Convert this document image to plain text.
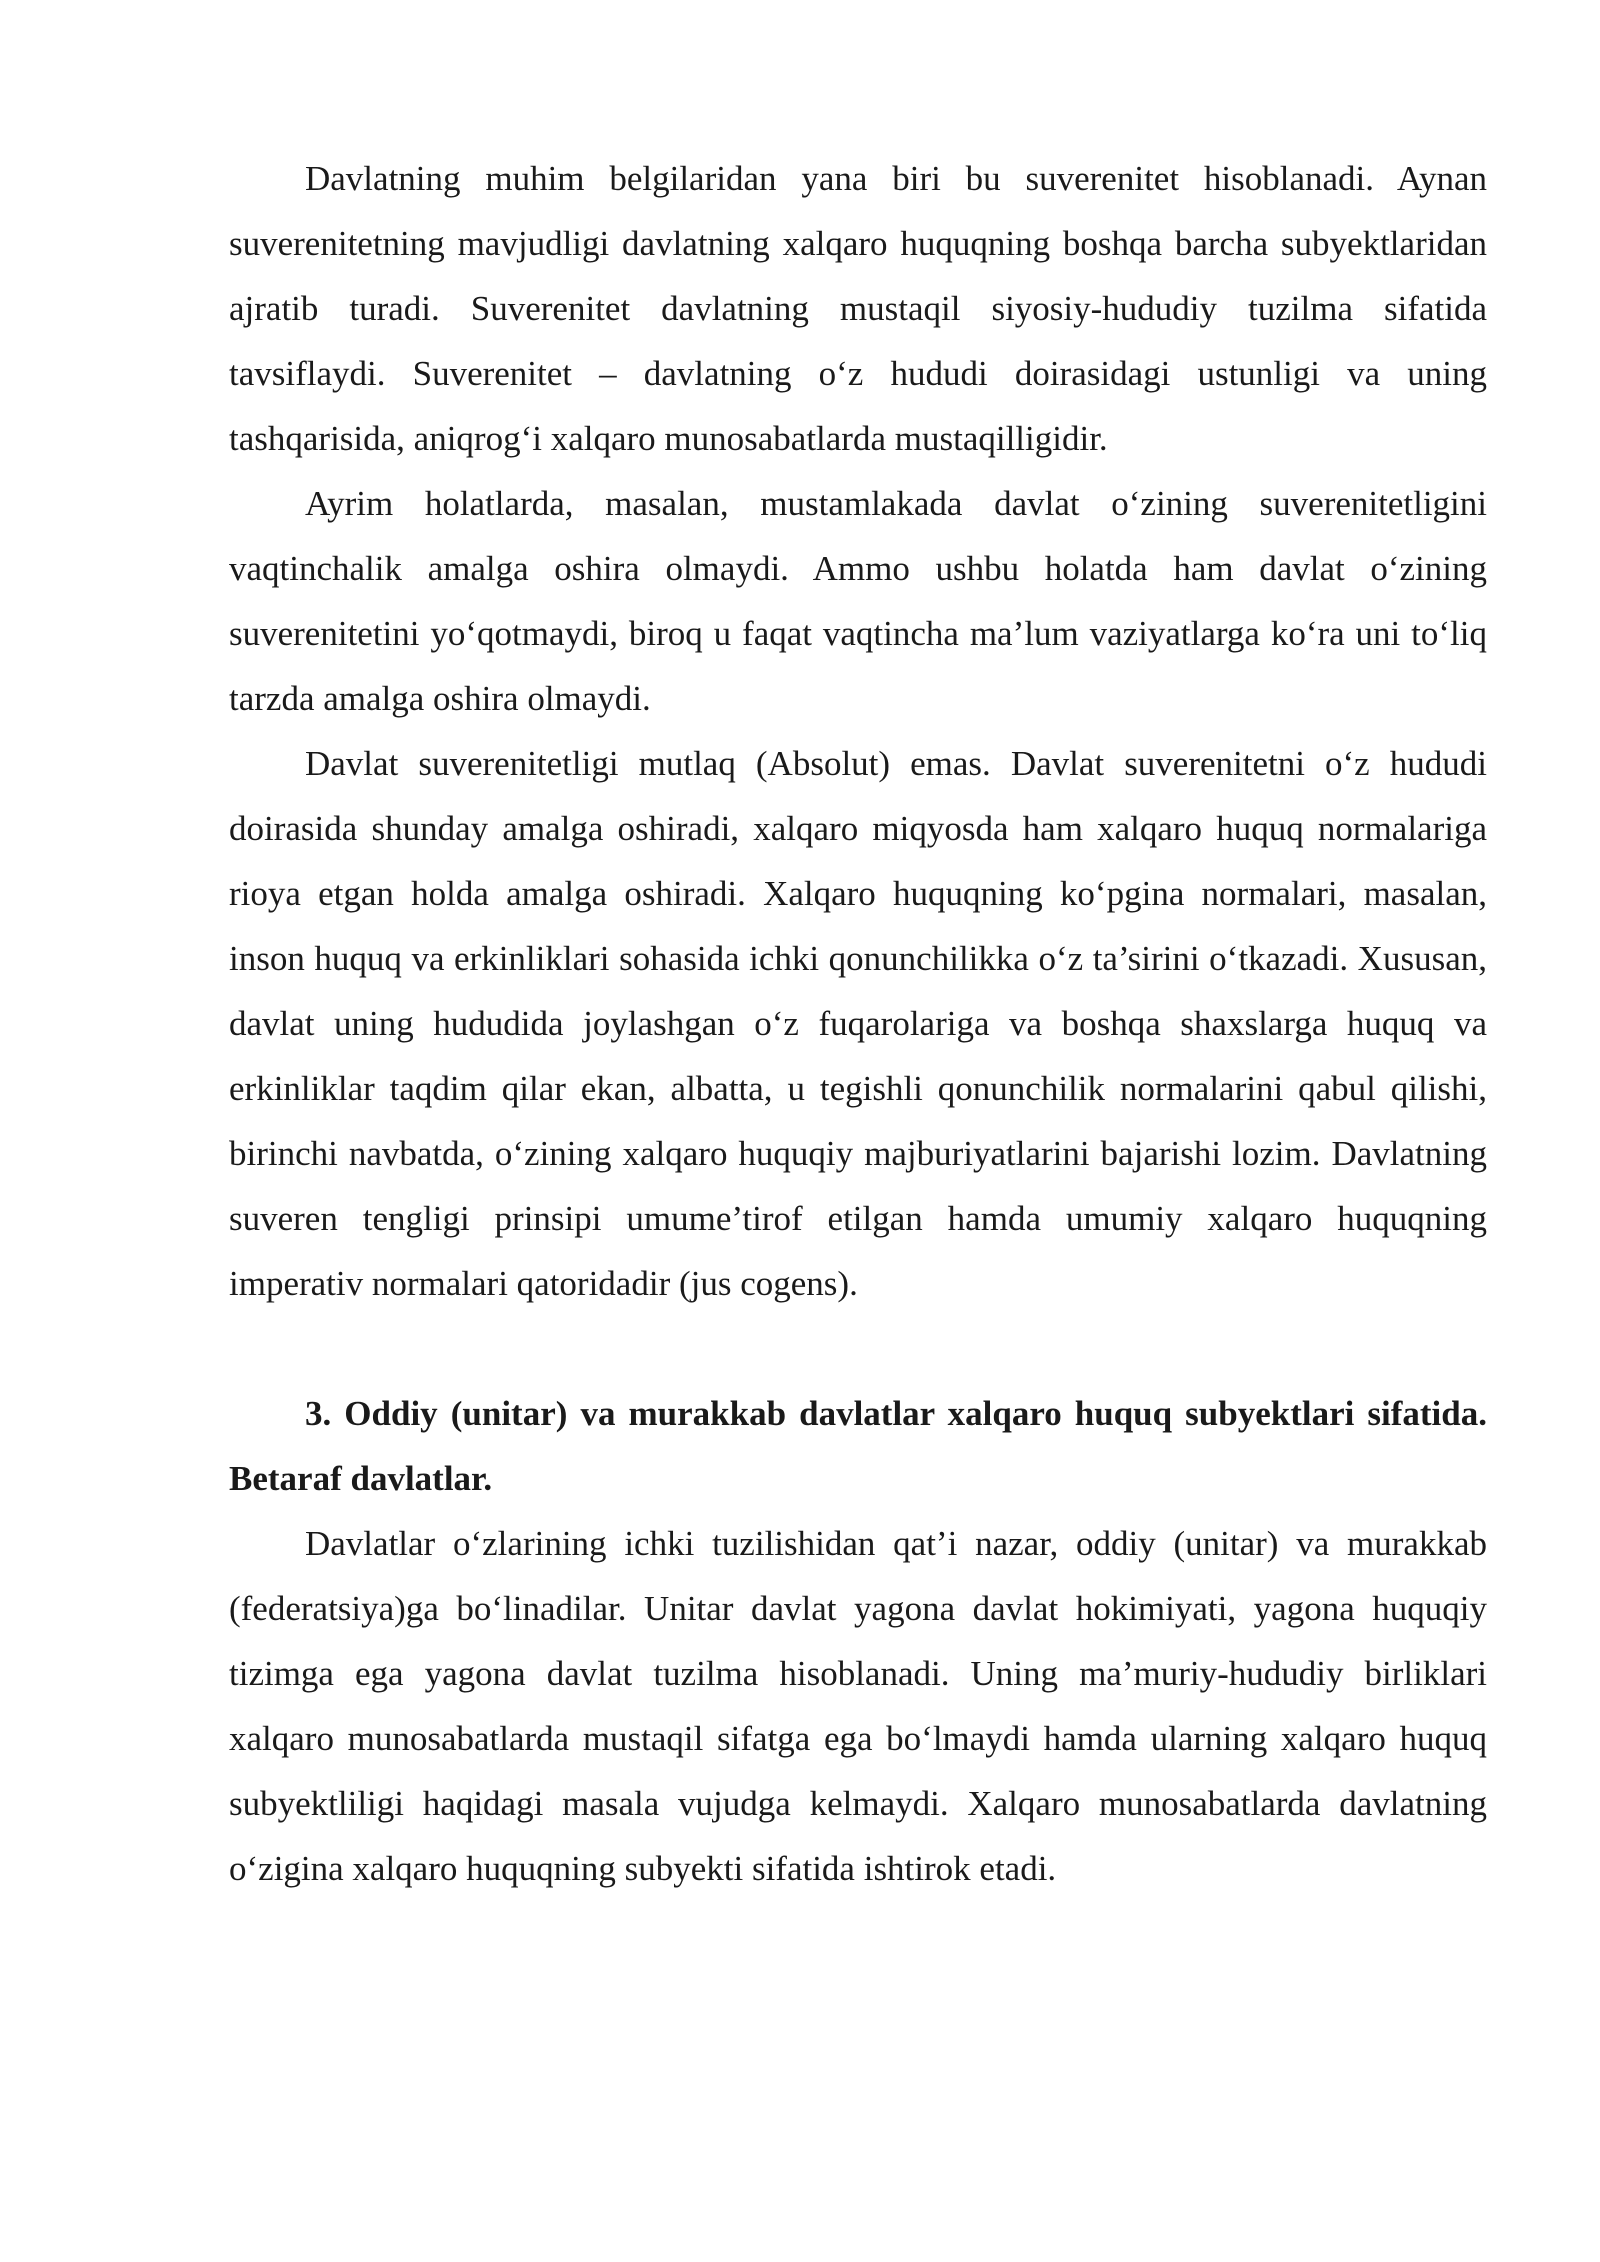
Davlatning muhim belgilaridan yana biri bu suverenitet hisoblanadi. Aynan suverenitetning mavjudligi davlatning xalqaro huquqning boshqa barcha subyektlaridan ajratib turadi. Suverenitet davlatning mustaqil siyosiy-hududiy tuzilma sifatida tavsiflaydi. Suverenitet – davlatning o‘z hududi doirasidagi ustunligi va uning tashqarisida, aniqrog‘i xalqaro munosabatlarda mustaqilligidir.

Ayrim holatlarda, masalan, mustamlakada davlat o‘zining suverenitetligini vaqtinchalik amalga oshira olmaydi. Ammo ushbu holatda ham davlat o‘zining suverenitetini yo‘qotmaydi, biroq u faqat vaqtincha ma’lum vaziyatlarga ko‘ra uni to‘liq tarzda amalga oshira olmaydi.

Davlat suverenitetligi mutlaq (Absolut) emas. Davlat suverenitetni o‘z hududi doirasida shunday amalga oshiradi, xalqaro miqyosda ham xalqaro huquq normalariga rioya etgan holda amalga oshiradi. Xalqaro huquqning ko‘pgina normalari, masalan, inson huquq va erkinliklari sohasida ichki qonunchilikka o‘z ta’sirini o‘tkazadi. Xususan, davlat uning hududida joylashgan o‘z fuqarolariga va boshqa shaxslarga huquq va erkinliklar taqdim qilar ekan, albatta, u tegishli qonunchilik normalarini qabul qilishi, birinchi navbatda, o‘zining xalqaro huquqiy majburiyatlarini bajarishi lozim. Davlatning suveren tengligi prinsipi umume’tirof etilgan hamda umumiy xalqaro huquqning imperativ normalari qatoridadir (jus cogens).

3. Oddiy (unitar) va murakkab davlatlar xalqaro huquq subyektlari sifatida. Betaraf davlatlar.

Davlatlar o‘zlarining ichki tuzilishidan qat’i nazar, oddiy (unitar) va murakkab (federatsiya)ga bo‘linadilar. Unitar davlat yagona davlat hokimiyati, yagona huquqiy tizimga ega yagona davlat tuzilma hisoblanadi. Uning ma’muriy-hududiy birliklari xalqaro munosabatlarda mustaqil sifatga ega bo‘lmaydi hamda ularning xalqaro huquq subyektliligi haqidagi masala vujudga kelmaydi. Xalqaro munosabatlarda davlatning o‘zigina xalqaro huquqning subyekti sifatida ishtirok etadi.
